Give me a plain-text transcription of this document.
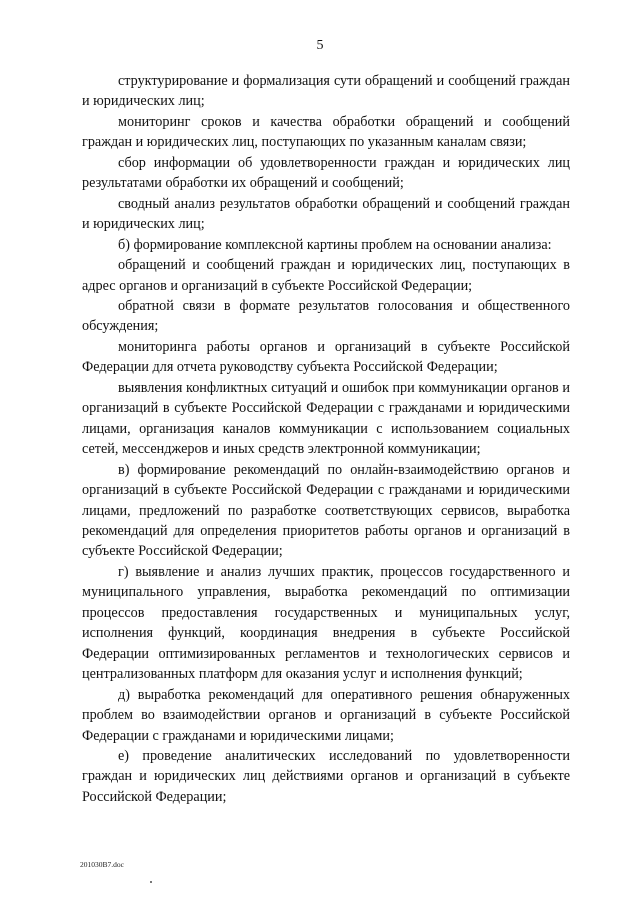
5

структурирование и формализация сути обращений и сообщений граждан и юридических лиц;

мониторинг сроков и качества обработки обращений и сообщений граждан и юридических лиц, поступающих по указанным каналам связи;

сбор информации об удовлетворенности граждан и юридических лиц результатами обработки их обращений и сообщений;

сводный анализ результатов обработки обращений и сообщений граждан и юридических лиц;

б) формирование комплексной картины проблем на основании анализа:

обращений и сообщений граждан и юридических лиц, поступающих в адрес органов и организаций в субъекте Российской Федерации;

обратной связи в формате результатов голосования и общественного обсуждения;

мониторинга работы органов и организаций в субъекте Российской Федерации для отчета руководству субъекта Российской Федерации;

выявления конфликтных ситуаций и ошибок при коммуникации органов и организаций в субъекте Российской Федерации с гражданами и юридическими лицами, организация каналов коммуникации с использованием социальных сетей, мессенджеров и иных средств электронной коммуникации;

в) формирование рекомендаций по онлайн-взаимодействию органов и организаций в субъекте Российской Федерации с гражданами и юридическими лицами, предложений по разработке соответствующих сервисов, выработка рекомендаций для определения приоритетов работы органов и организаций в субъекте Российской Федерации;

г) выявление и анализ лучших практик, процессов государственного и муниципального управления, выработка рекомендаций по оптимизации процессов предоставления государственных и муниципальных услуг, исполнения функций, координация внедрения в субъекте Российской Федерации оптимизированных регламентов и технологических сервисов и централизованных платформ для оказания услуг и исполнения функций;

д) выработка рекомендаций для оперативного решения обнаруженных проблем во взаимодействии органов и организаций в субъекте Российской Федерации с гражданами и юридическими лицами;

е) проведение аналитических исследований по удовлетворенности граждан и юридических лиц действиями органов и организаций в субъекте Российской Федерации;

201030B7.doc
